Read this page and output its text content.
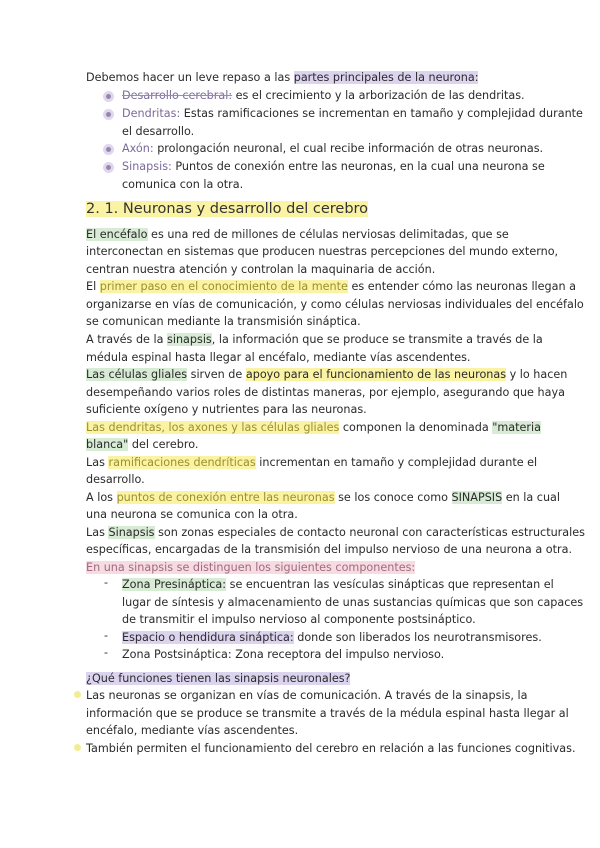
Debemos hacer un leve repaso a las partes principales de la neurona:
Desarrollo cerebral: es el crecimiento y la arborización de las dendritas.
Dendritas: Estas ramificaciones se incrementan en tamaño y complejidad durante
el desarrollo.
Axón: prolongación neuronal, el cual recibe información de otras neuronas.
Sinapsis: Puntos de conexión entre las neuronas, en la cual una neurona se
comunica con la otra.
2. 1. Neuronas y desarrollo del cerebro
El encéfalo es una red de millones de células nerviosas delimitadas, que se
interconectan en sistemas que producen nuestras percepciones del mundo externo,
centran nuestra atención y controlan la maquinaria de acción.
El primer paso en el conocimiento de la mente es entender cómo las neuronas llegan a
organizarse en vías de comunicación, y como células nerviosas individuales del encéfalo
se comunican mediante la transmisión sináptica.
A través de la sinapsis, la información que se produce se transmite a través de la
médula espinal hasta llegar al encéfalo, mediante vías ascendentes.
Las células gliales sirven de apoyo para el funcionamiento de las neuronas y lo hacen
desempeñando varios roles de distintas maneras, por ejemplo, asegurando que haya
suficiente oxígeno y nutrientes para las neuronas.
Las dendritas, los axones y las células gliales componen la denominada "materia
blanca" del cerebro.
Las ramificaciones dendríticas incrementan en tamaño y complejidad durante el
desarrollo.
A los puntos de conexión entre las neuronas se los conoce como SINAPSIS en la cual
una neurona se comunica con la otra.
Las Sinapsis son zonas especiales de contacto neuronal con características estructurales
específicas, encargadas de la transmisión del impulso nervioso de una neurona a otra.
En una sinapsis se distinguen los siguientes componentes:
- Zona Presináptica: se encuentran las vesículas sinápticas que representan el
lugar de síntesis y almacenamiento de unas sustancias químicas que son capaces
de transmitir el impulso nervioso al componente postsináptico.
- Espacio o hendidura sináptica: donde son liberados los neurotransmisores.
- Zona Postsináptica: Zona receptora del impulso nervioso.
¿Qué funciones tienen las sinapsis neuronales?
Las neuronas se organizan en vías de comunicación. A través de la sinapsis, la
información que se produce se transmite a través de la médula espinal hasta llegar al
encéfalo, mediante vías ascendentes.
También permiten el funcionamiento del cerebro en relación a las funciones cognitivas.
